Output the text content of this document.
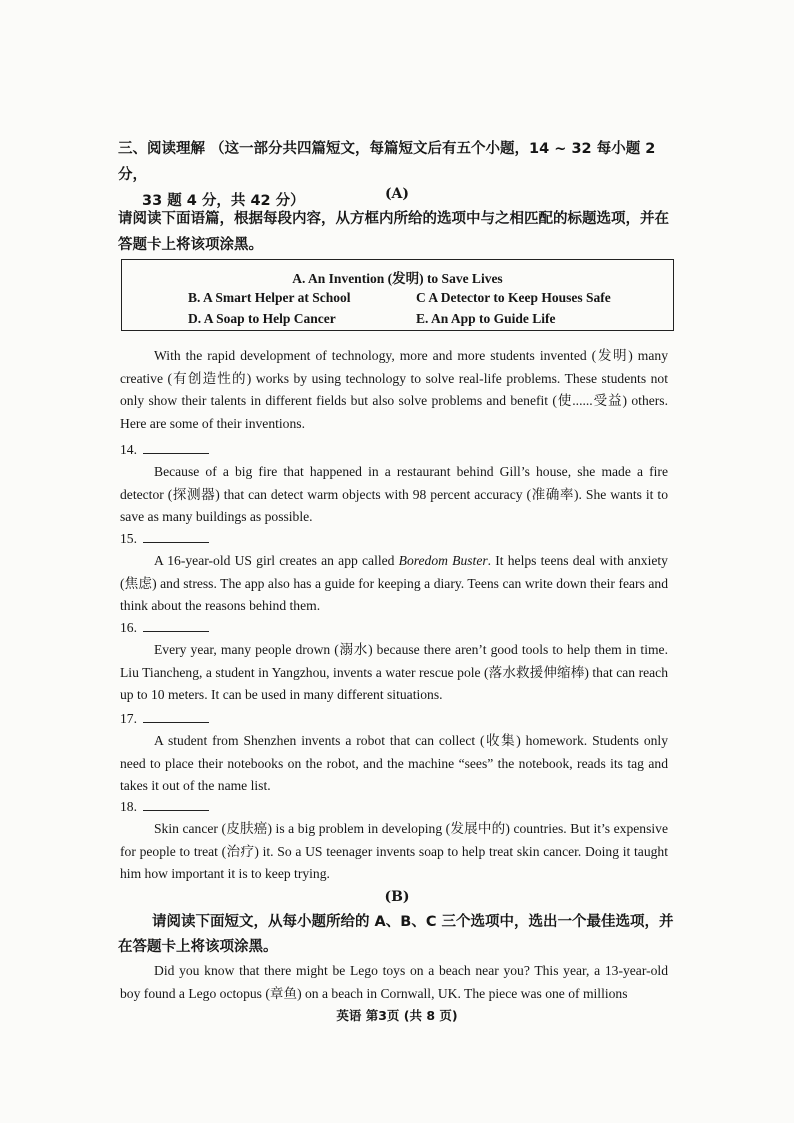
三、阅读理解 （这一部分共四篇短文，每篇短文后有五个小题，14 ~ 32 每小题 2 分，
33 题 4 分，共 42 分）	(A)
请阅读下面语篇，根据每段内容，从方框内所给的选项中与之相匹配的标题选项，并在答题卡上将该项涂黑。
A. An Invention (发明) to Save Lives
B. A Smart Helper at School	C A Detector to Keep Houses Safe
D. A Soap to Help Cancer	E. An App to Guide Life

With the rapid development of technology, more and more students invented (发明) many creative (有创造性的) works by using technology to solve real-life problems. These students not only show their talents in different fields but also solve problems and benefit (使......受益) others. Here are some of their inventions.

14.

Because of a big fire that happened in a restaurant behind Gill’s house, she made a fire detector (探测器) that can detect warm objects with 98 percent accuracy (准确率). She wants it to save as many buildings as possible.

15.

A 16-year-old US girl creates an app called Boredom Buster. It helps teens deal with anxiety (焦虑) and stress. The app also has a guide for keeping a diary. Teens can write down their fears and think about the reasons behind them.

16.

Every year, many people drown (溺水) because there aren’t good tools to help them in time. Liu Tiancheng, a student in Yangzhou, invents a water rescue pole (落水救援伸缩棒) that can reach up to 10 meters. It can be used in many different situations.

17.

A student from Shenzhen invents a robot that can collect (收集) homework. Students only need to place their notebooks on the robot, and the machine “sees” the notebook, reads its tag and takes it out of the name list.

18.

Skin cancer (皮肤癌) is a big problem in developing (发展中的) countries. But it’s expensive for people to treat (治疗) it. So a US teenager invents soap to help treat skin cancer. Doing it taught him how important it is to keep trying.

(B)
请阅读下面短文，从每小题所给的 A、B、C 三个选项中，选出一个最佳选项，并在答题卡上将该项涂黑。

Did you know that there might be Lego toys on a beach near you? This year, a 13-year-old boy found a Lego octopus (章鱼) on a beach in Cornwall, UK. The piece was one of millions

英语 第3页 (共 8 页)
